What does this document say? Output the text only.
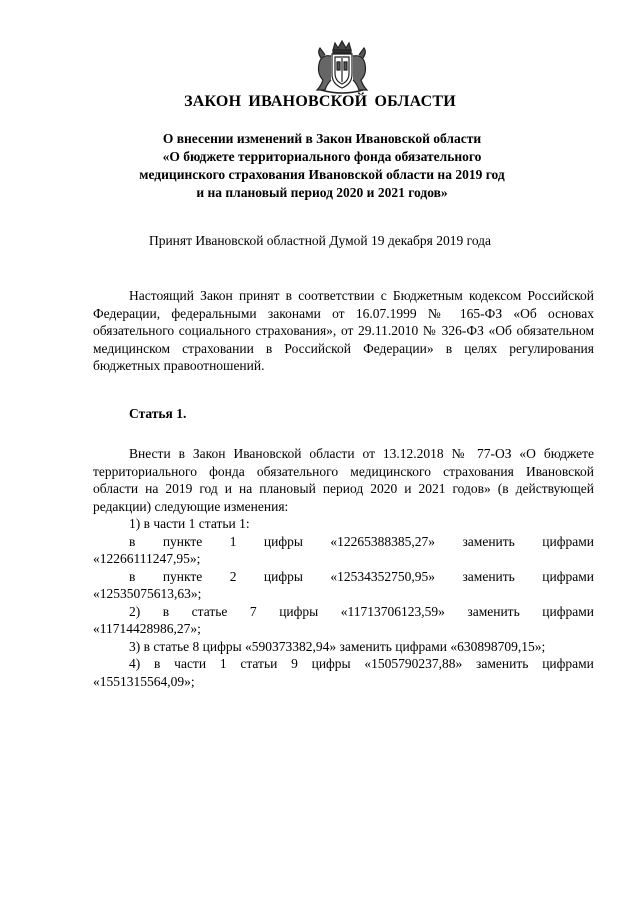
ЗАКОН ИВАНОВСКОЙ ОБЛАСТИ
О внесении изменений в Закон Ивановской области
«О бюджете территориального фонда обязательного
медицинского страхования Ивановской области на 2019 год
и на плановый период 2020 и 2021 годов»
Принят Ивановской областной Думой 19 декабря 2019 года

Настоящий Закон принят в соответствии с Бюджетным кодексом Российской Федерации, федеральными законами от 16.07.1999 № 165-ФЗ «Об основах обязательного социального страхования», от 29.11.2010 № 326-ФЗ «Об обязательном медицинском страховании в Российской Федерации» в целях регулирования бюджетных правоотношений.

Статья 1.

Внести в Закон Ивановской области от 13.12.2018 № 77-ОЗ «О бюджете территориального фонда обязательного медицинского страхования Ивановской области на 2019 год и на плановый период 2020 и 2021 годов» (в действующей редакции) следующие изменения:

1) в части 1 статьи 1:

в пункте 1 цифры «12265388385,27» заменить цифрами

«12266111247,95»;

в пункте 2 цифры «12534352750,95» заменить цифрами

«12535075613,63»;

2) в статье 7 цифры «11713706123,59» заменить цифрами

«11714428986,27»;

3) в статье 8 цифры «590373382,94» заменить цифрами «630898709,15»;

4) в части 1 статьи 9 цифры «1505790237,88» заменить цифрами

«1551315564,09»;
